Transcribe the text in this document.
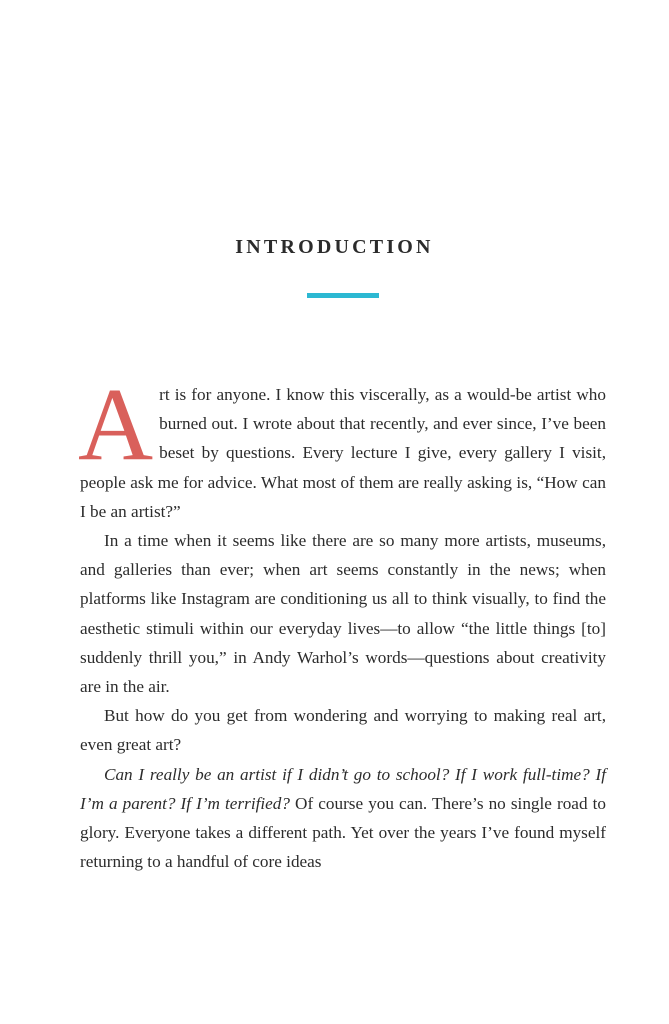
INTRODUCTION

Art is for anyone. I know this viscerally, as a would-be artist who burned out. I wrote about that recently, and ever since, I’ve been beset by questions. Every lecture I give, every gallery I visit, people ask me for advice. What most of them are really asking is, “How can I be an artist?”

In a time when it seems like there are so many more artists, museums, and galleries than ever; when art seems constantly in the news; when platforms like Instagram are conditioning us all to think visually, to find the aesthetic stimuli within our everyday lives—to allow “the little things [to] suddenly thrill you,” in Andy Warhol’s words—questions about creativity are in the air.

But how do you get from wondering and worrying to making real art, even great art?

Can I really be an artist if I didn’t go to school? If I work full-time? If I’m a parent? If I’m terrified? Of course you can. There’s no single road to glory. Everyone takes a different path. Yet over the years I’ve found myself returning to a handful of core ideas
